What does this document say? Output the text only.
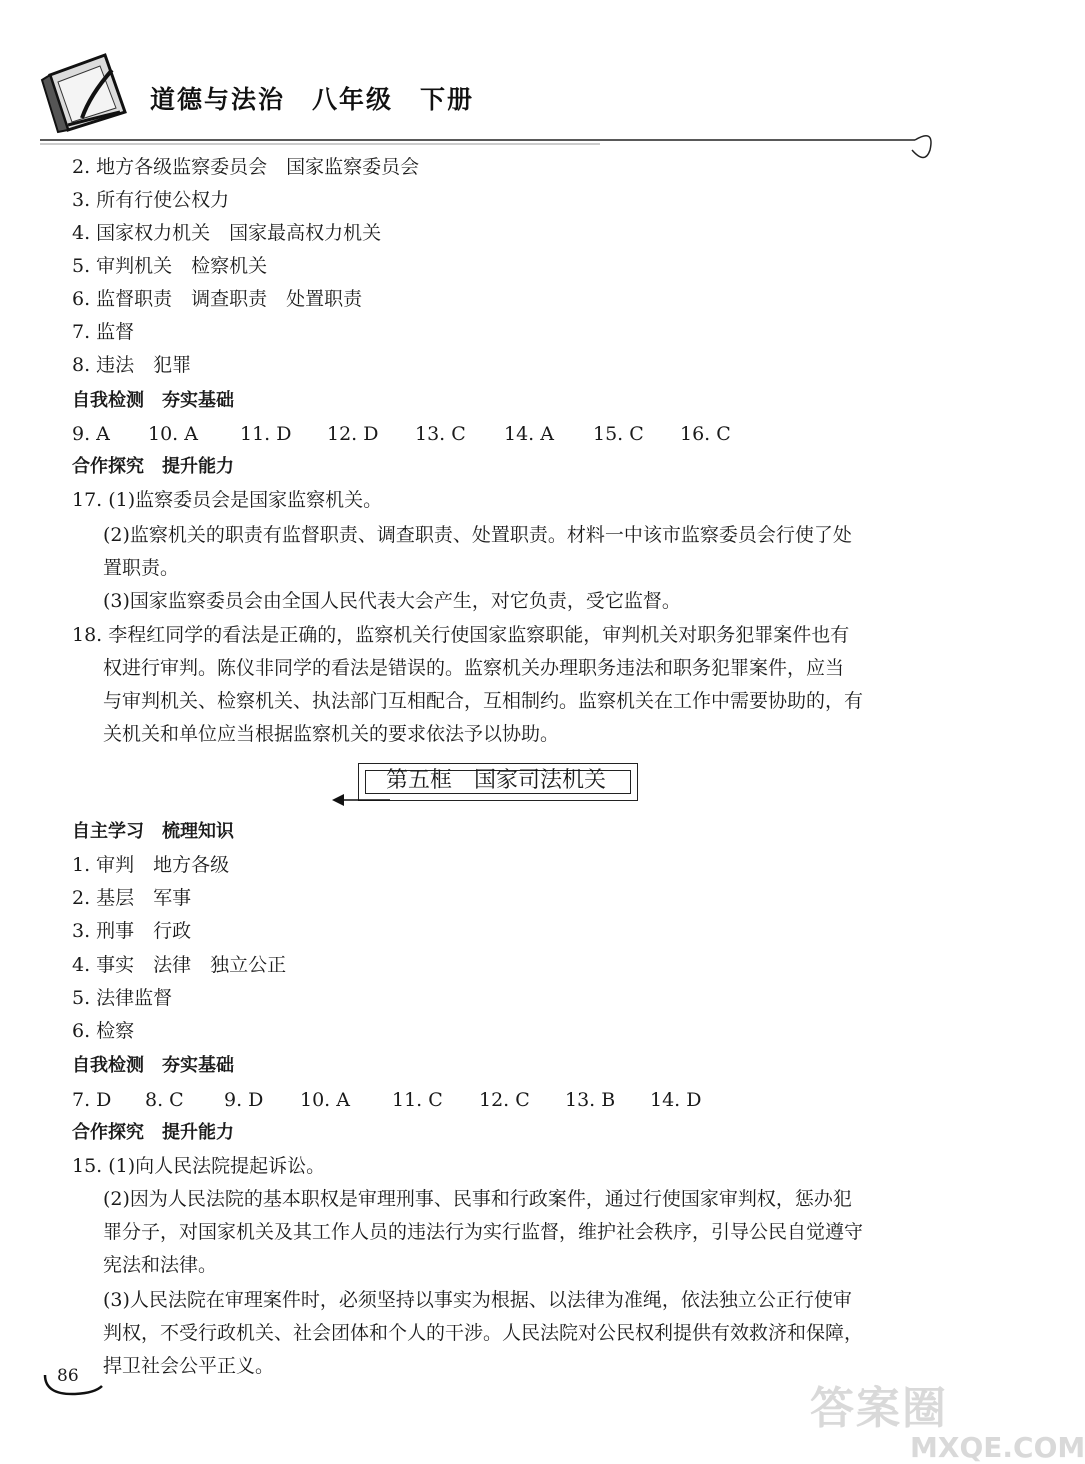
道德与法治　八年级　下册
2. 地方各级监察委员会　国家监察委员会
3. 所有行使公权力
4. 国家权力机关　国家最高权力机关
5. 审判机关　检察机关
6. 监督职责　调查职责　处置职责
7. 监督
8. 违法　犯罪
自我检测　夯实基础
9. A 10. A 11. D 12. D 13. C 14. A 15. C 16. C
合作探究　提升能力
17. (1)监察委员会是国家监察机关。
(2)监察机关的职责有监督职责、调查职责、处置职责。材料一中该市监察委员会行使了处
置职责。
(3)国家监察委员会由全国人民代表大会产生，对它负责，受它监督。
18. 李程红同学的看法是正确的，监察机关行使国家监察职能，审判机关对职务犯罪案件也有
权进行审判。陈仪非同学的看法是错误的。监察机关办理职务违法和职务犯罪案件，应当
与审判机关、检察机关、执法部门互相配合，互相制约。监察机关在工作中需要协助的，有
关机关和单位应当根据监察机关的要求依法予以协助。
第五框　国家司法机关
自主学习　梳理知识
1. 审判　地方各级
2. 基层　军事
3. 刑事　行政
4. 事实　法律　独立公正
5. 法律监督
6. 检察
自我检测　夯实基础
7. D 8. C 9. D 10. A 11. C 12. C 13. B 14. D
合作探究　提升能力
15. (1)向人民法院提起诉讼。
(2)因为人民法院的基本职权是审理刑事、民事和行政案件，通过行使国家审判权，惩办犯
罪分子，对国家机关及其工作人员的违法行为实行监督，维护社会秩序，引导公民自觉遵守
宪法和法律。
(3)人民法院在审理案件时，必须坚持以事实为根据、以法律为准绳，依法独立公正行使审
判权，不受行政机关、社会团体和个人的干涉。人民法院对公民权利提供有效救济和保障，
捍卫社会公平正义。
86
答案圈
MXQE.COM
